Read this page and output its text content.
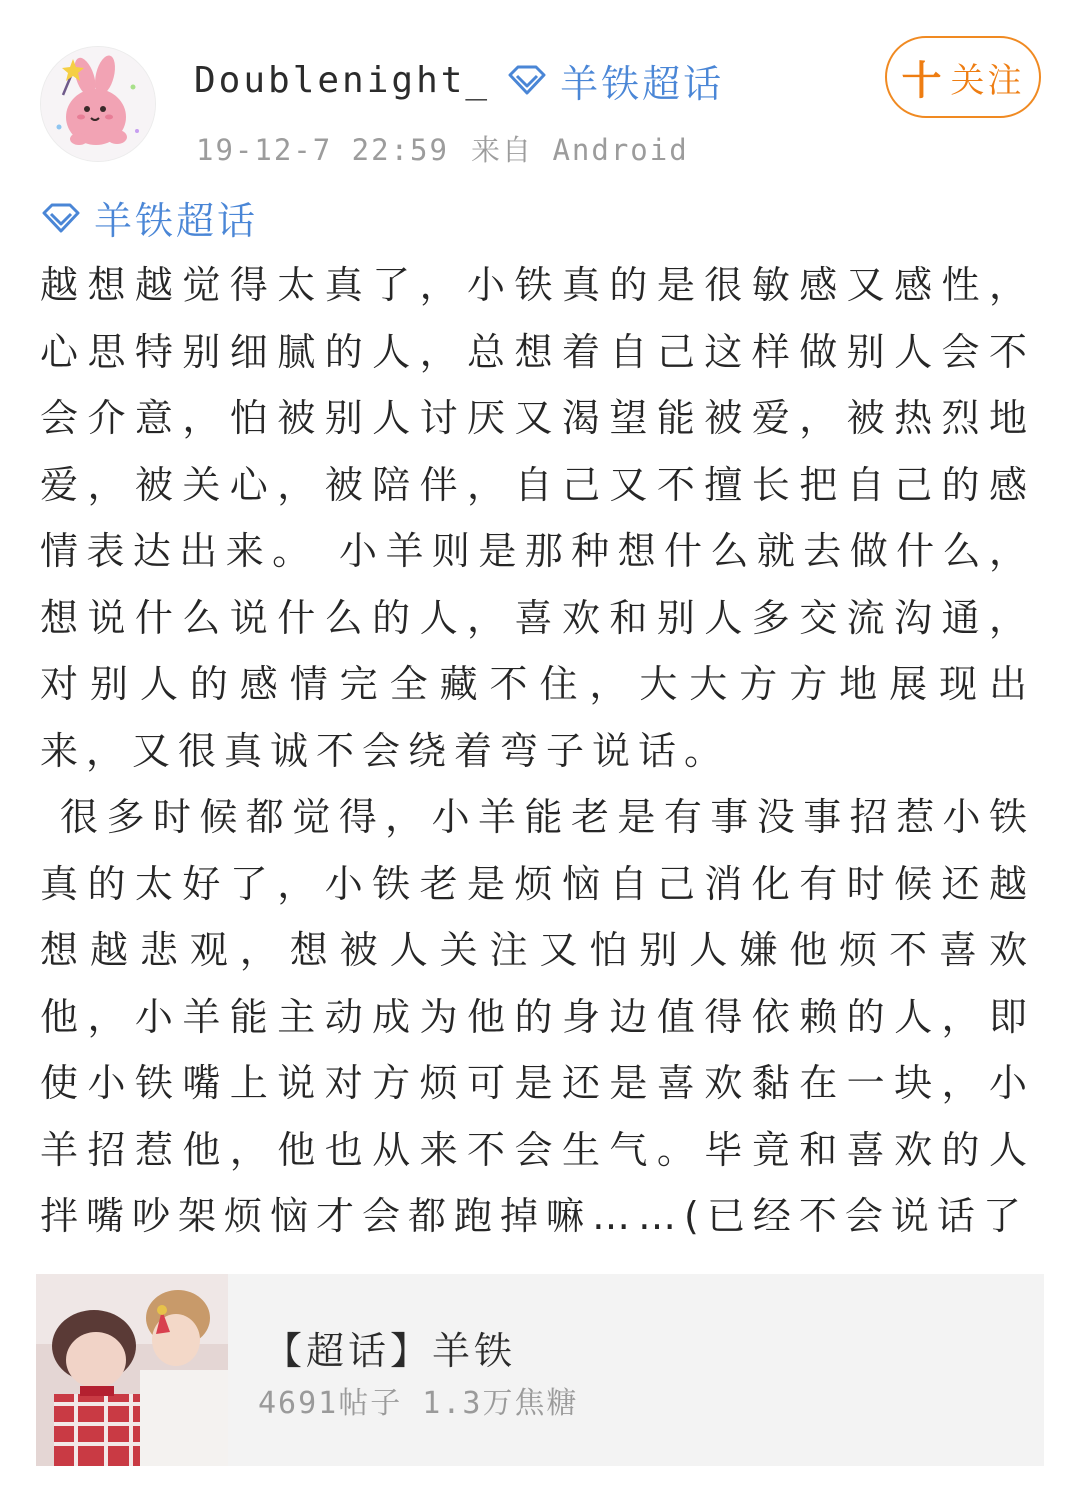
Doublenight_ 羊铁超话
19-12-7 22:59 来自 Android
十 关注
羊铁超话

越想越觉得太真了，小铁真的是很敏感又感性，心思特别细腻的人，总想着自己这样做别人会不会介意，怕被别人讨厌又渴望能被爱，被热烈地爱，被关心，被陪伴，自己又不擅长把自己的感情表达出来。 小羊则是那种想什么就去做什么，想说什么说什么的人，喜欢和别人多交流沟通，对别人的感情完全藏不住，大大方方地展现出来，又很真诚不会绕着弯子说话。

很多时候都觉得，小羊能老是有事没事招惹小铁真的太好了，小铁老是烦恼自己消化有时候还越想越悲观，想被人关注又怕别人嫌他烦不喜欢他，小羊能主动成为他的身边值得依赖的人，即使小铁嘴上说对方烦可是还是喜欢黏在一块，小羊招惹他，他也从来不会生气。毕竟和喜欢的人拌嘴吵架烦恼才会都跑掉嘛……(已经不会说话了

【超话】羊铁
4691帖子 1.3万焦糖
